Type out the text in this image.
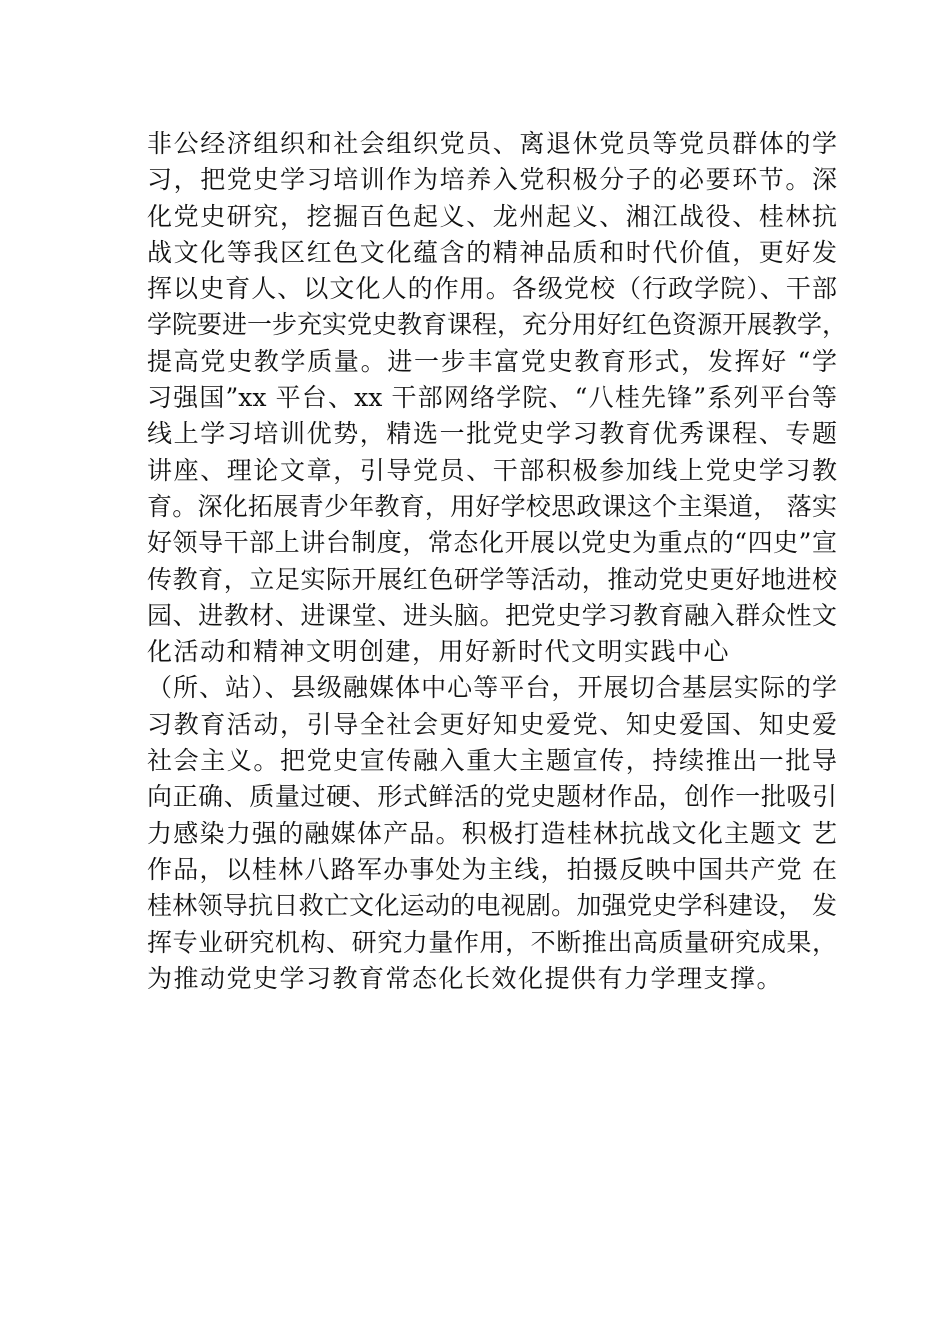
非公经济组织和社会组织党员、离退休党员等党员群体的学
习，把党史学习培训作为培养入党积极分子的必要环节。深
化党史研究，挖掘百色起义、龙州起义、湘江战役、桂林抗
战文化等我区红色文化蕴含的精神品质和时代价值，更好发
挥以史育人、以文化人的作用。各级党校（行政学院）、干部
学院要进一步充实党史教育课程，充分用好红色资源开展教学，
提高党史教学质量。进一步丰富党史教育形式，发挥好 “学
习强国”xx 平台、xx 干部网络学院、“八桂先锋”系列平台等
线上学习培训优势，精选一批党史学习教育优秀课程、专题
讲座、理论文章，引导党员、干部积极参加线上党史学习教
育。深化拓展青少年教育，用好学校思政课这个主渠道， 落实
好领导干部上讲台制度，常态化开展以党史为重点的“四史”宣
传教育，立足实际开展红色研学等活动，推动党史更好地进校
园、进教材、进课堂、进头脑。把党史学习教育融入群众性文
化活动和精神文明创建，用好新时代文明实践中心
（所、站）、县级融媒体中心等平台，开展切合基层实际的学
习教育活动，引导全社会更好知史爱党、知史爱国、知史爱
社会主义。把党史宣传融入重大主题宣传，持续推出一批导
向正确、质量过硬、形式鲜活的党史题材作品，创作一批吸引
力感染力强的融媒体产品。积极打造桂林抗战文化主题文 艺
作品，以桂林八路军办事处为主线，拍摄反映中国共产党 在
桂林领导抗日救亡文化运动的电视剧。加强党史学科建设， 发
挥专业研究机构、研究力量作用，不断推出高质量研究成果，
为推动党史学习教育常态化长效化提供有力学理支撑。
